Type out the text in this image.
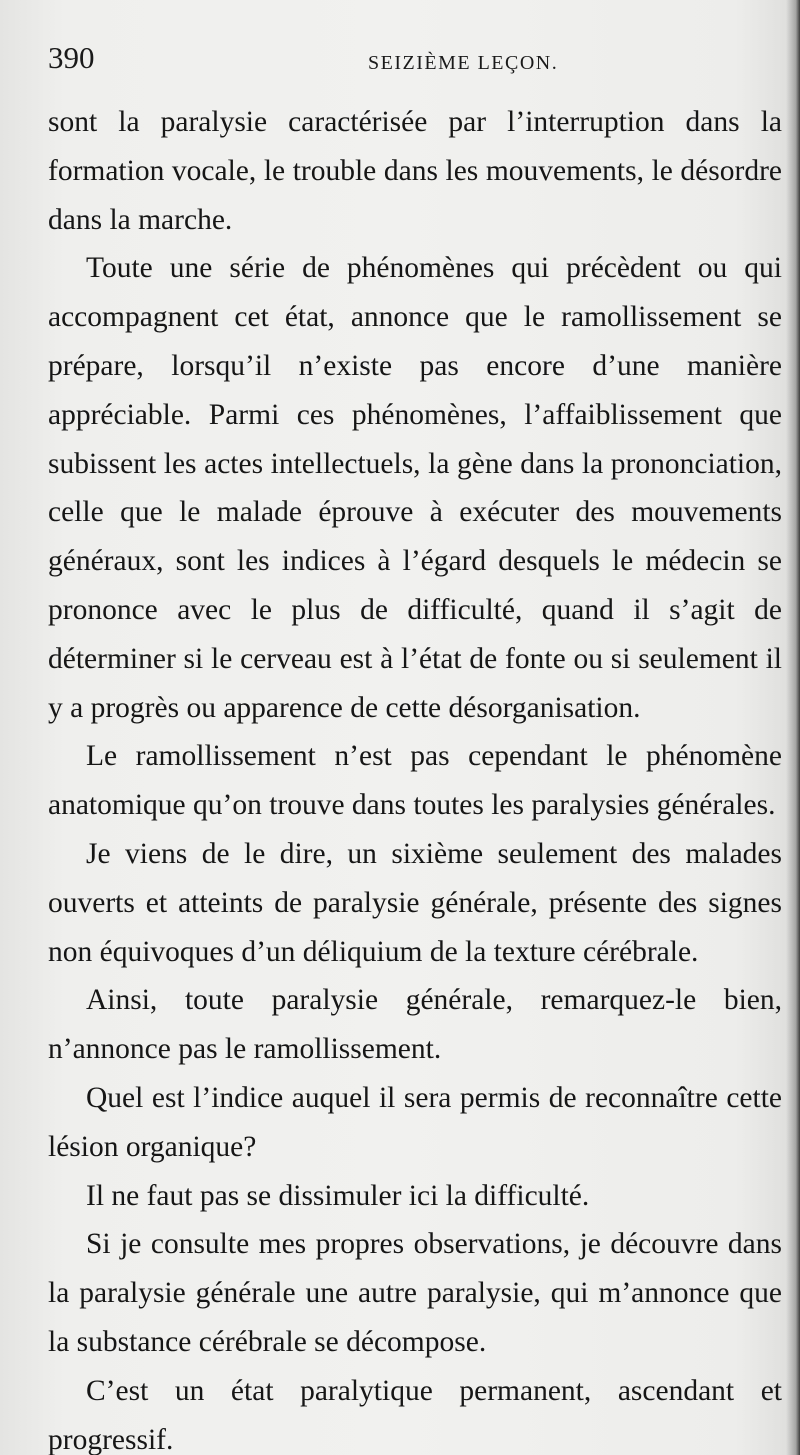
390	SEIZIÈME LEÇON.

sont la paralysie caractérisée par l’interruption dans la formation vocale, le trouble dans les mouvements, le désordre dans la marche.

Toute une série de phénomènes qui précèdent ou qui accompagnent cet état, annonce que le ramollissement se prépare, lorsqu’il n’existe pas encore d’une manière appréciable. Parmi ces phénomènes, l’affaiblissement que subissent les actes intellectuels, la gène dans la prononciation, celle que le malade éprouve à exécuter des mouvements généraux, sont les indices à l’égard desquels le médecin se prononce avec le plus de difficulté, quand il s’agit de déterminer si le cerveau est à l’état de fonte ou si seulement il y a progrès ou apparence de cette désorganisation.

Le ramollissement n’est pas cependant le phénomène anatomique qu’on trouve dans toutes les paralysies générales.

Je viens de le dire, un sixième seulement des malades ouverts et atteints de paralysie générale, présente des signes non équivoques d’un déliquium de la texture cérébrale.

Ainsi, toute paralysie générale, remarquez-le bien, n’annonce pas le ramollissement.

Quel est l’indice auquel il sera permis de reconnaître cette lésion organique?

Il ne faut pas se dissimuler ici la difficulté.

Si je consulte mes propres observations, je découvre dans la paralysie générale une autre paralysie, qui m’annonce que la substance cérébrale se décompose.

C’est un état paralytique permanent, ascendant et progressif.
